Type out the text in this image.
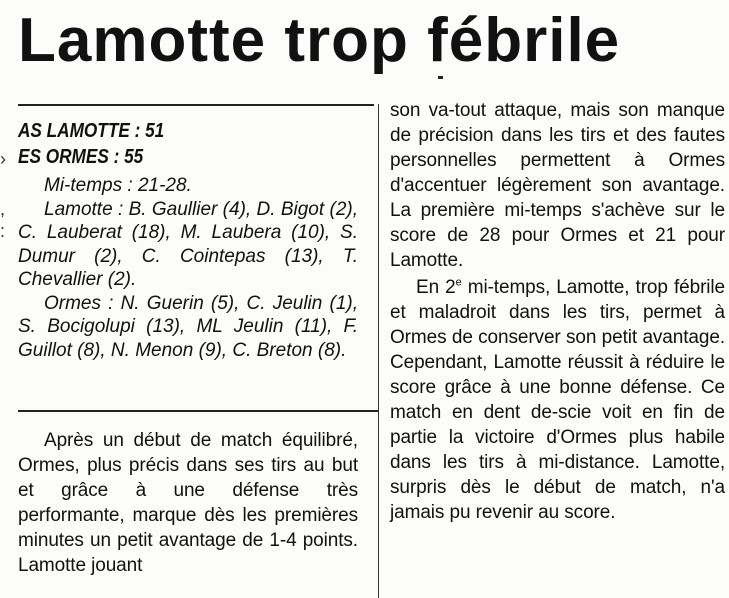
Lamotte trop fébrile
›
,
:
AS LAMOTTE : 51
ES ORMES : 55

Mi-temps : 21-28.

Lamotte : B. Gaullier (4), D. Bigot (2), C. Lauberat (18), M. Laubera (10), S. Dumur (2), C. Cointepas (13), T. Chevallier (2).

Ormes : N. Guerin (5), C. Jeulin (1), S. Bocigolupi (13), ML Jeulin (11), F. Guillot (8), N. Menon (9), C. Breton (8).

Après un début de match équilibré, Ormes, plus précis dans ses tirs au but et grâce à une défense très performante, marque dès les premières minutes un petit avantage de 1-4 points. Lamotte jouant

son va-tout attaque, mais son manque de précision dans les tirs et des fautes personnelles permettent à Ormes d'accentuer légèrement son avantage. La première mi-temps s'achève sur le score de 28 pour Ormes et 21 pour Lamotte.

En 2e mi-temps, Lamotte, trop fébrile et maladroit dans les tirs, permet à Ormes de conserver son petit avantage. Cependant, Lamotte réussit à réduire le score grâce à une bonne défense. Ce match en dent de-scie voit en fin de partie la victoire d'Ormes plus habile dans les tirs à mi-distance. Lamotte, surpris dès le début de match, n'a jamais pu revenir au score.
